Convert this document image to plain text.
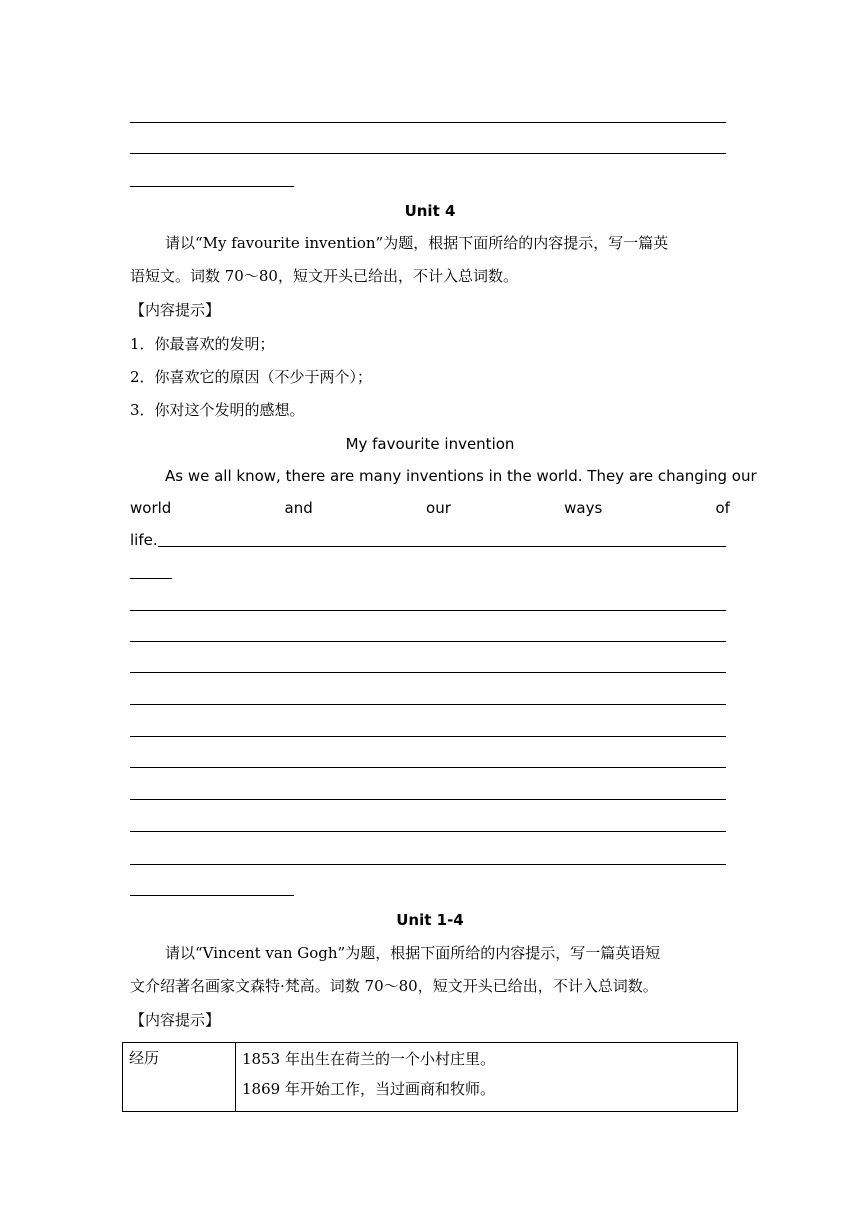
Unit 4
请以“My favourite invention”为题，根据下面所给的内容提示，写一篇英
语短文。词数 70～80，短文开头已给出，不计入总词数。
【内容提示】
1．你最喜欢的发明；
2．你喜欢它的原因（不少于两个）；
3．你对这个发明的感想。
My favourite invention
As we all know, there are many inventions in the world. They are changing our
world	and	our	ways	of
life.
Unit 1-4
请以“Vincent van Gogh”为题，根据下面所给的内容提示，写一篇英语短
文介绍著名画家文森特·梵高。词数 70～80，短文开头已给出，不计入总词数。
【内容提示】
经历	1853 年出生在荷兰的一个小村庄里。
1869 年开始工作，当过画商和牧师。
